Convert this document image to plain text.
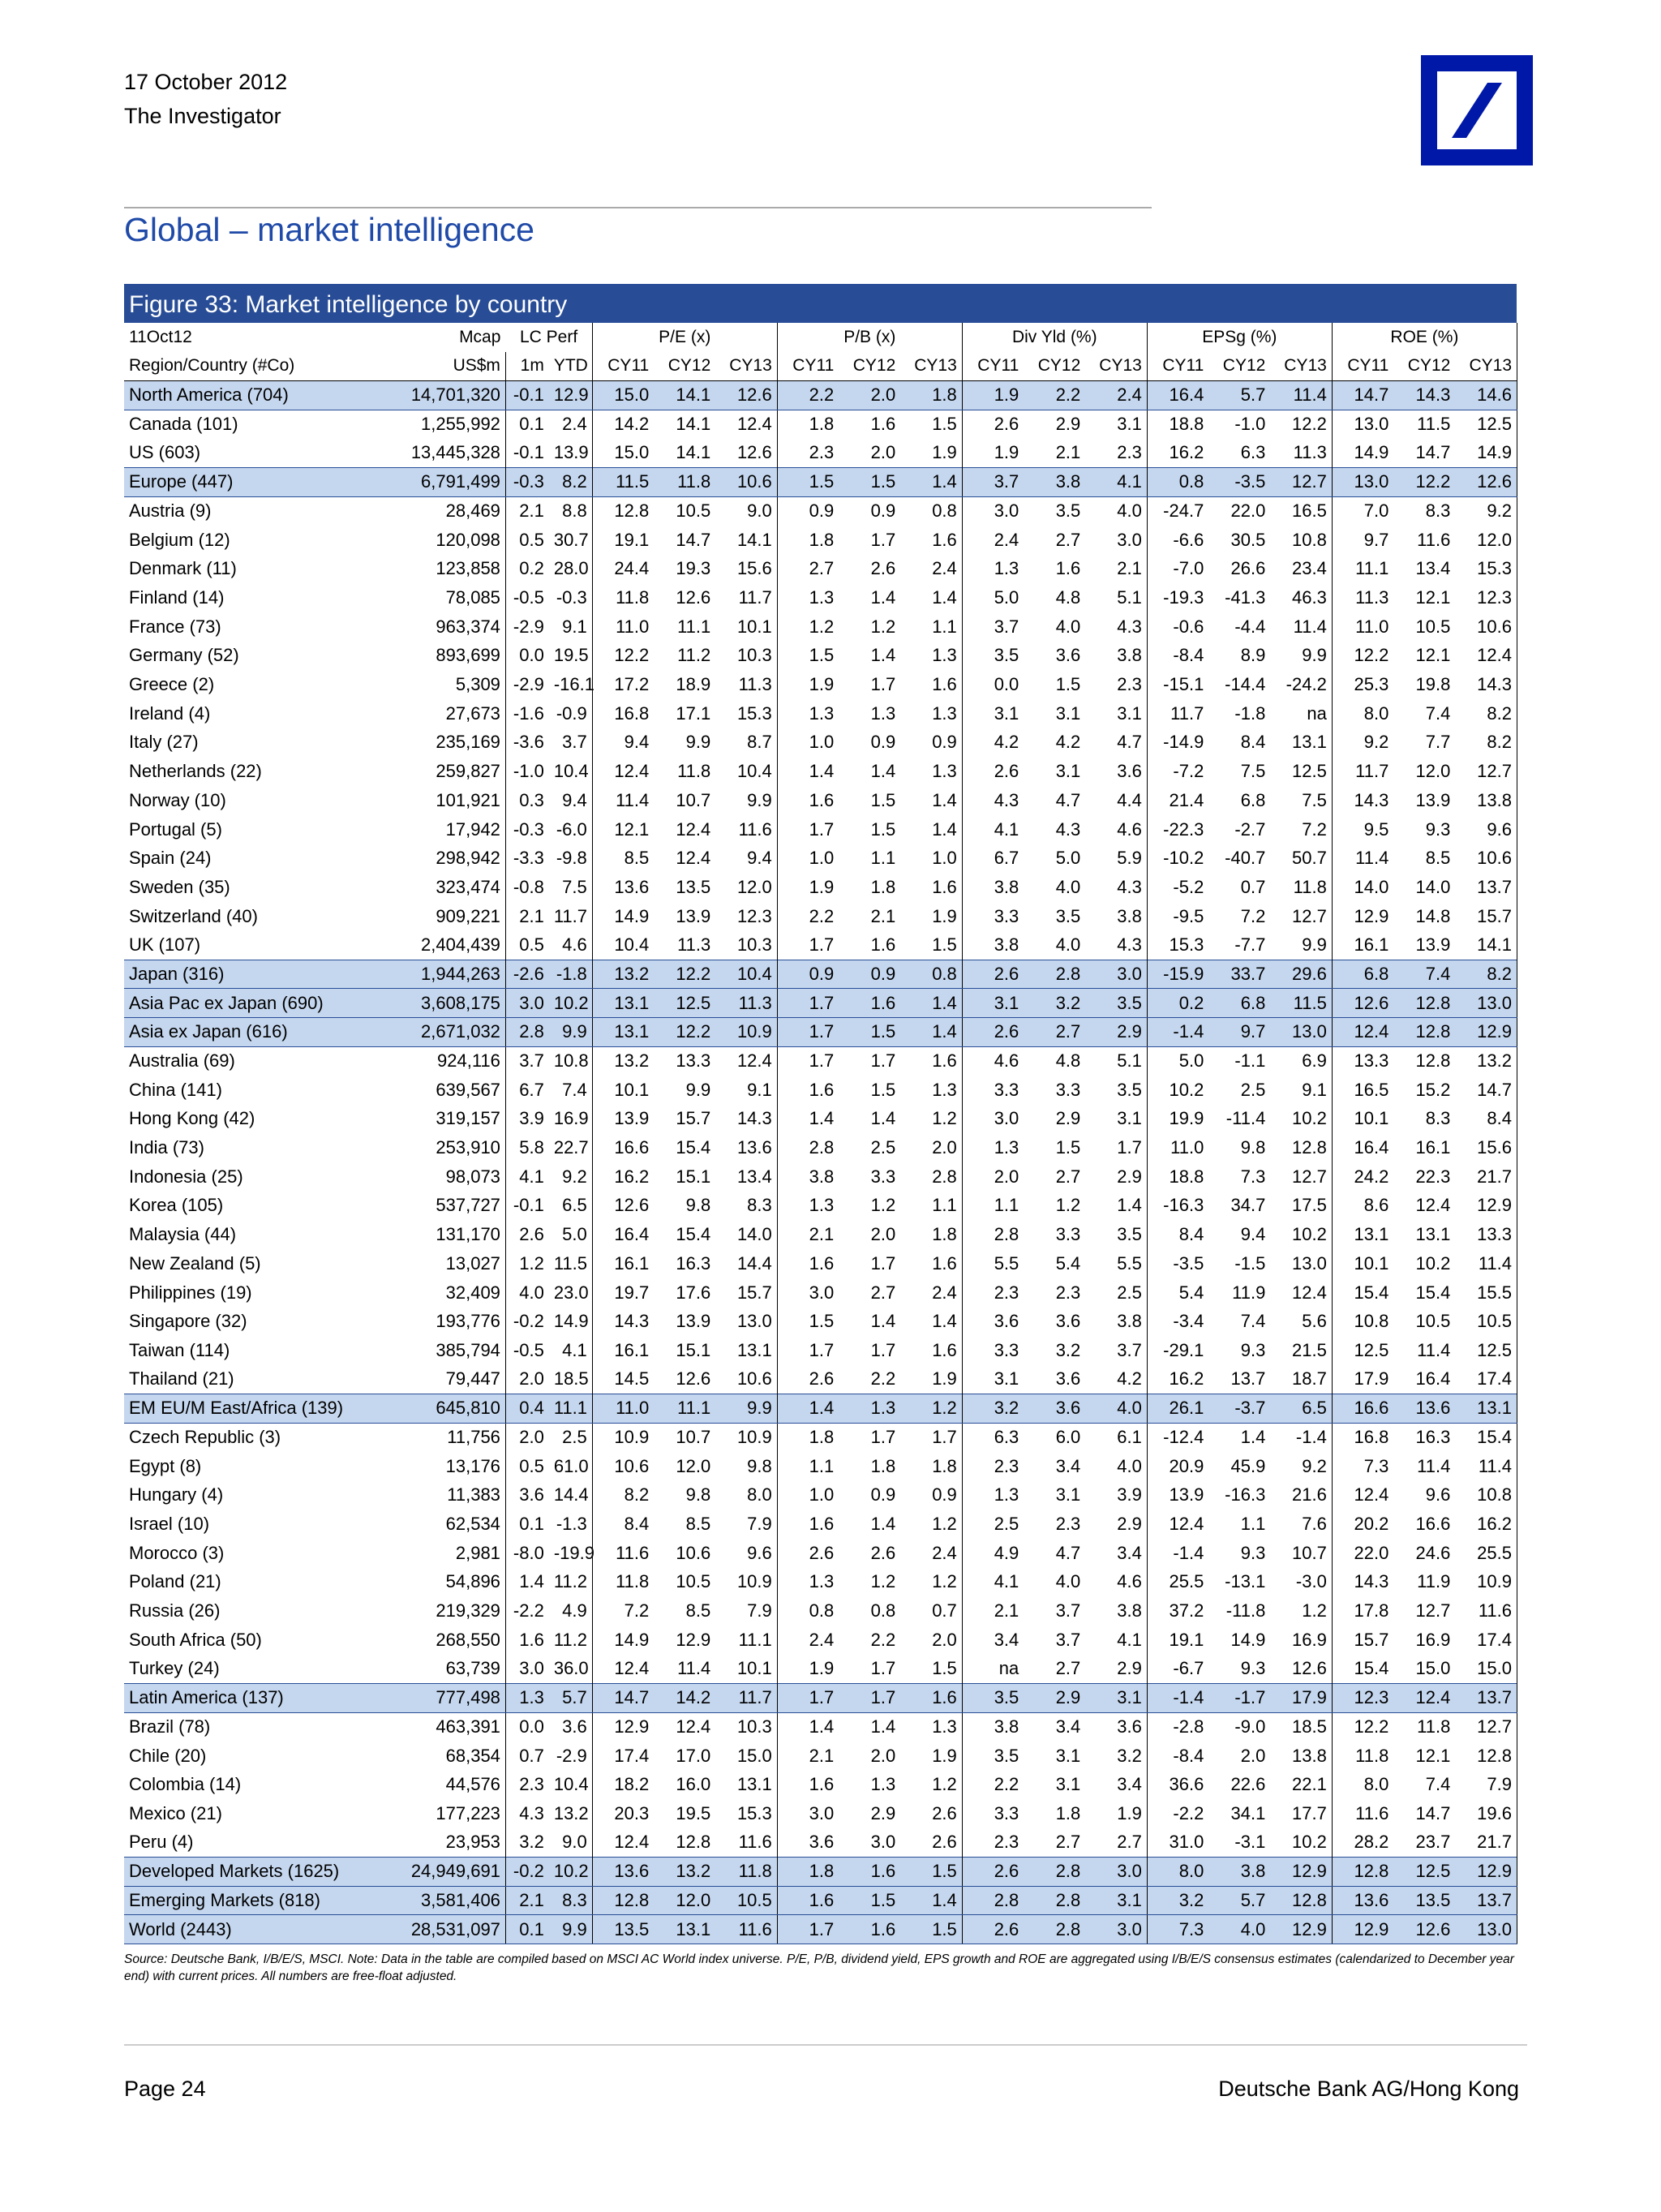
17 October 2012
The Investigator
Global – market intelligence
Figure 33: Market intelligence by country
11Oct12	Mcap	LC Perf		P/E (x)			P/B (x)			Div Yld (%)			EPSg (%)			ROE (%)		
Region/Country (#Co)	US$m	1m	YTD	CY11	CY12	CY13	CY11	CY12	CY13	CY11	CY12	CY13	CY11	CY12	CY13	CY11	CY12	CY13
North America (704)	14,701,320	-0.1	12.9	15.0	14.1	12.6	2.2	2.0	1.8	1.9	2.2	2.4	16.4	5.7	11.4	14.7	14.3	14.6
Canada (101)	1,255,992	0.1	2.4	14.2	14.1	12.4	1.8	1.6	1.5	2.6	2.9	3.1	18.8	-1.0	12.2	13.0	11.5	12.5
US (603)	13,445,328	-0.1	13.9	15.0	14.1	12.6	2.3	2.0	1.9	1.9	2.1	2.3	16.2	6.3	11.3	14.9	14.7	14.9
Europe (447)	6,791,499	-0.3	8.2	11.5	11.8	10.6	1.5	1.5	1.4	3.7	3.8	4.1	0.8	-3.5	12.7	13.0	12.2	12.6
Austria (9)	28,469	2.1	8.8	12.8	10.5	9.0	0.9	0.9	0.8	3.0	3.5	4.0	-24.7	22.0	16.5	7.0	8.3	9.2
Belgium (12)	120,098	0.5	30.7	19.1	14.7	14.1	1.8	1.7	1.6	2.4	2.7	3.0	-6.6	30.5	10.8	9.7	11.6	12.0
Denmark (11)	123,858	0.2	28.0	24.4	19.3	15.6	2.7	2.6	2.4	1.3	1.6	2.1	-7.0	26.6	23.4	11.1	13.4	15.3
Finland (14)	78,085	-0.5	-0.3	11.8	12.6	11.7	1.3	1.4	1.4	5.0	4.8	5.1	-19.3	-41.3	46.3	11.3	12.1	12.3
France (73)	963,374	-2.9	9.1	11.0	11.1	10.1	1.2	1.2	1.1	3.7	4.0	4.3	-0.6	-4.4	11.4	11.0	10.5	10.6
Germany (52)	893,699	0.0	19.5	12.2	11.2	10.3	1.5	1.4	1.3	3.5	3.6	3.8	-8.4	8.9	9.9	12.2	12.1	12.4
Greece (2)	5,309	-2.9	-16.1	17.2	18.9	11.3	1.9	1.7	1.6	0.0	1.5	2.3	-15.1	-14.4	-24.2	25.3	19.8	14.3
Ireland (4)	27,673	-1.6	-0.9	16.8	17.1	15.3	1.3	1.3	1.3	3.1	3.1	3.1	11.7	-1.8	na	8.0	7.4	8.2
Italy (27)	235,169	-3.6	3.7	9.4	9.9	8.7	1.0	0.9	0.9	4.2	4.2	4.7	-14.9	8.4	13.1	9.2	7.7	8.2
Netherlands (22)	259,827	-1.0	10.4	12.4	11.8	10.4	1.4	1.4	1.3	2.6	3.1	3.6	-7.2	7.5	12.5	11.7	12.0	12.7
Norway (10)	101,921	0.3	9.4	11.4	10.7	9.9	1.6	1.5	1.4	4.3	4.7	4.4	21.4	6.8	7.5	14.3	13.9	13.8
Portugal (5)	17,942	-0.3	-6.0	12.1	12.4	11.6	1.7	1.5	1.4	4.1	4.3	4.6	-22.3	-2.7	7.2	9.5	9.3	9.6
Spain (24)	298,942	-3.3	-9.8	8.5	12.4	9.4	1.0	1.1	1.0	6.7	5.0	5.9	-10.2	-40.7	50.7	11.4	8.5	10.6
Sweden (35)	323,474	-0.8	7.5	13.6	13.5	12.0	1.9	1.8	1.6	3.8	4.0	4.3	-5.2	0.7	11.8	14.0	14.0	13.7
Switzerland (40)	909,221	2.1	11.7	14.9	13.9	12.3	2.2	2.1	1.9	3.3	3.5	3.8	-9.5	7.2	12.7	12.9	14.8	15.7
UK (107)	2,404,439	0.5	4.6	10.4	11.3	10.3	1.7	1.6	1.5	3.8	4.0	4.3	15.3	-7.7	9.9	16.1	13.9	14.1
Japan (316)	1,944,263	-2.6	-1.8	13.2	12.2	10.4	0.9	0.9	0.8	2.6	2.8	3.0	-15.9	33.7	29.6	6.8	7.4	8.2
Asia Pac ex Japan (690)	3,608,175	3.0	10.2	13.1	12.5	11.3	1.7	1.6	1.4	3.1	3.2	3.5	0.2	6.8	11.5	12.6	12.8	13.0
Asia ex Japan (616)	2,671,032	2.8	9.9	13.1	12.2	10.9	1.7	1.5	1.4	2.6	2.7	2.9	-1.4	9.7	13.0	12.4	12.8	12.9
Australia (69)	924,116	3.7	10.8	13.2	13.3	12.4	1.7	1.7	1.6	4.6	4.8	5.1	5.0	-1.1	6.9	13.3	12.8	13.2
China (141)	639,567	6.7	7.4	10.1	9.9	9.1	1.6	1.5	1.3	3.3	3.3	3.5	10.2	2.5	9.1	16.5	15.2	14.7
Hong Kong (42)	319,157	3.9	16.9	13.9	15.7	14.3	1.4	1.4	1.2	3.0	2.9	3.1	19.9	-11.4	10.2	10.1	8.3	8.4
India (73)	253,910	5.8	22.7	16.6	15.4	13.6	2.8	2.5	2.0	1.3	1.5	1.7	11.0	9.8	12.8	16.4	16.1	15.6
Indonesia (25)	98,073	4.1	9.2	16.2	15.1	13.4	3.8	3.3	2.8	2.0	2.7	2.9	18.8	7.3	12.7	24.2	22.3	21.7
Korea (105)	537,727	-0.1	6.5	12.6	9.8	8.3	1.3	1.2	1.1	1.1	1.2	1.4	-16.3	34.7	17.5	8.6	12.4	12.9
Malaysia (44)	131,170	2.6	5.0	16.4	15.4	14.0	2.1	2.0	1.8	2.8	3.3	3.5	8.4	9.4	10.2	13.1	13.1	13.3
New Zealand (5)	13,027	1.2	11.5	16.1	16.3	14.4	1.6	1.7	1.6	5.5	5.4	5.5	-3.5	-1.5	13.0	10.1	10.2	11.4
Philippines (19)	32,409	4.0	23.0	19.7	17.6	15.7	3.0	2.7	2.4	2.3	2.3	2.5	5.4	11.9	12.4	15.4	15.4	15.5
Singapore (32)	193,776	-0.2	14.9	14.3	13.9	13.0	1.5	1.4	1.4	3.6	3.6	3.8	-3.4	7.4	5.6	10.8	10.5	10.5
Taiwan (114)	385,794	-0.5	4.1	16.1	15.1	13.1	1.7	1.7	1.6	3.3	3.2	3.7	-29.1	9.3	21.5	12.5	11.4	12.5
Thailand (21)	79,447	2.0	18.5	14.5	12.6	10.6	2.6	2.2	1.9	3.1	3.6	4.2	16.2	13.7	18.7	17.9	16.4	17.4
EM EU/M East/Africa (139)	645,810	0.4	11.1	11.0	11.1	9.9	1.4	1.3	1.2	3.2	3.6	4.0	26.1	-3.7	6.5	16.6	13.6	13.1
Czech Republic (3)	11,756	2.0	2.5	10.9	10.7	10.9	1.8	1.7	1.7	6.3	6.0	6.1	-12.4	1.4	-1.4	16.8	16.3	15.4
Egypt (8)	13,176	0.5	61.0	10.6	12.0	9.8	1.1	1.8	1.8	2.3	3.4	4.0	20.9	45.9	9.2	7.3	11.4	11.4
Hungary (4)	11,383	3.6	14.4	8.2	9.8	8.0	1.0	0.9	0.9	1.3	3.1	3.9	13.9	-16.3	21.6	12.4	9.6	10.8
Israel (10)	62,534	0.1	-1.3	8.4	8.5	7.9	1.6	1.4	1.2	2.5	2.3	2.9	12.4	1.1	7.6	20.2	16.6	16.2
Morocco (3)	2,981	-8.0	-19.9	11.6	10.6	9.6	2.6	2.6	2.4	4.9	4.7	3.4	-1.4	9.3	10.7	22.0	24.6	25.5
Poland (21)	54,896	1.4	11.2	11.8	10.5	10.9	1.3	1.2	1.2	4.1	4.0	4.6	25.5	-13.1	-3.0	14.3	11.9	10.9
Russia (26)	219,329	-2.2	4.9	7.2	8.5	7.9	0.8	0.8	0.7	2.1	3.7	3.8	37.2	-11.8	1.2	17.8	12.7	11.6
South Africa (50)	268,550	1.6	11.2	14.9	12.9	11.1	2.4	2.2	2.0	3.4	3.7	4.1	19.1	14.9	16.9	15.7	16.9	17.4
Turkey (24)	63,739	3.0	36.0	12.4	11.4	10.1	1.9	1.7	1.5	na	2.7	2.9	-6.7	9.3	12.6	15.4	15.0	15.0
Latin America (137)	777,498	1.3	5.7	14.7	14.2	11.7	1.7	1.7	1.6	3.5	2.9	3.1	-1.4	-1.7	17.9	12.3	12.4	13.7
Brazil (78)	463,391	0.0	3.6	12.9	12.4	10.3	1.4	1.4	1.3	3.8	3.4	3.6	-2.8	-9.0	18.5	12.2	11.8	12.7
Chile (20)	68,354	0.7	-2.9	17.4	17.0	15.0	2.1	2.0	1.9	3.5	3.1	3.2	-8.4	2.0	13.8	11.8	12.1	12.8
Colombia (14)	44,576	2.3	10.4	18.2	16.0	13.1	1.6	1.3	1.2	2.2	3.1	3.4	36.6	22.6	22.1	8.0	7.4	7.9
Mexico (21)	177,223	4.3	13.2	20.3	19.5	15.3	3.0	2.9	2.6	3.3	1.8	1.9	-2.2	34.1	17.7	11.6	14.7	19.6
Peru (4)	23,953	3.2	9.0	12.4	12.8	11.6	3.6	3.0	2.6	2.3	2.7	2.7	31.0	-3.1	10.2	28.2	23.7	21.7
Developed Markets (1625)	24,949,691	-0.2	10.2	13.6	13.2	11.8	1.8	1.6	1.5	2.6	2.8	3.0	8.0	3.8	12.9	12.8	12.5	12.9
Emerging Markets (818)	3,581,406	2.1	8.3	12.8	12.0	10.5	1.6	1.5	1.4	2.8	2.8	3.1	3.2	5.7	12.8	13.6	13.5	13.7
World (2443)	28,531,097	0.1	9.9	13.5	13.1	11.6	1.7	1.6	1.5	2.6	2.8	3.0	7.3	4.0	12.9	12.9	12.6	13.0
Source: Deutsche Bank, I/B/E/S, MSCI. Note: Data in the table are compiled based on MSCI AC World index universe. P/E, P/B, dividend yield, EPS growth and ROE are aggregated using I/B/E/S consensus estimates (calendarized to December year end) with current prices. All numbers are free-float adjusted.
Page 24	Deutsche Bank AG/Hong Kong
